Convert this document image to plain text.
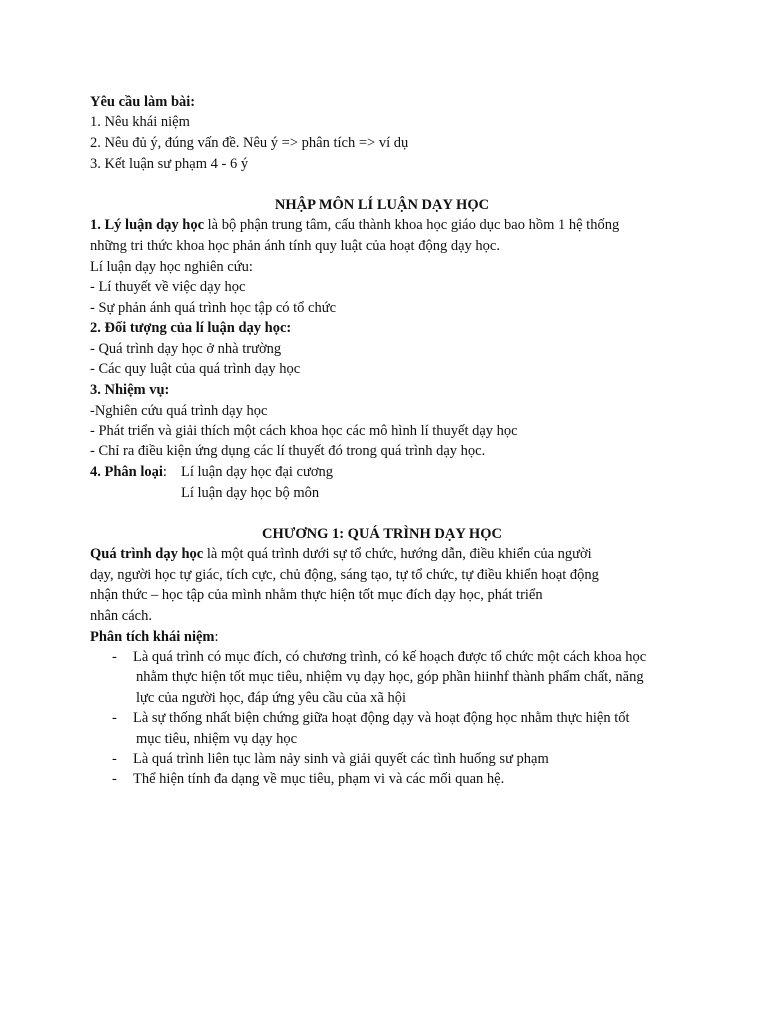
Yêu cầu làm bài:
1. Nêu khái niệm
2. Nêu đủ ý, đúng vấn đề. Nêu ý => phân tích => ví dụ
3. Kết luận sư phạm 4 - 6 ý
NHẬP MÔN LÍ LUẬN DẠY HỌC
1. Lý luận dạy học là bộ phận trung tâm, cấu thành khoa học giáo dục bao hồm 1 hệ thống
những tri thức khoa học phản ánh tính quy luật của hoạt động dạy học.
Lí luận dạy học nghiên cứu:
- Lí thuyết về việc dạy học
- Sự phản ánh quá trình học tập có tổ chức
2. Đối tượng của lí luận dạy học:
- Quá trình dạy học ở nhà trường
- Các quy luật của quá trình dạy học
3. Nhiệm vụ:
-Nghiên cứu quá trình dạy học
- Phát triển và giải thích một cách khoa học các mô hình lí thuyết dạy học
- Chỉ ra điều kiện ứng dụng các lí thuyết đó trong quá trình dạy học.
4. Phân loại: Lí luận dạy học đại cương
Lí luận dạy học bộ môn
CHƯƠNG 1: QUÁ TRÌNH DẠY HỌC
Quá trình dạy học là một quá trình dưới sự tổ chức, hướng dẫn, điều khiển của người
dạy, người học tự giác, tích cực, chủ động, sáng tạo, tự tổ chức, tự điều khiển hoạt động
nhận thức – học tập của mình nhằm thực hiện tốt mục đích dạy học, phát triển
nhân cách.
Phân tích khái niệm:
- Là quá trình có mục đích, có chương trình, có kế hoạch được tổ chức một cách khoa học
nhằm thực hiện tốt mục tiêu, nhiệm vụ dạy học, góp phần hiinhf thành phẩm chất, năng
lực của người học, đáp ứng yêu cầu của xã hội
- Là sự thống nhất biện chứng giữa hoạt động dạy và hoạt động học nhằm thực hiện tốt
mục tiêu, nhiệm vụ dạy học
- Là quá trình liên tục làm nảy sinh và giải quyết các tình huống sư phạm
- Thể hiện tính đa dạng về mục tiêu, phạm vi và các mối quan hệ.
